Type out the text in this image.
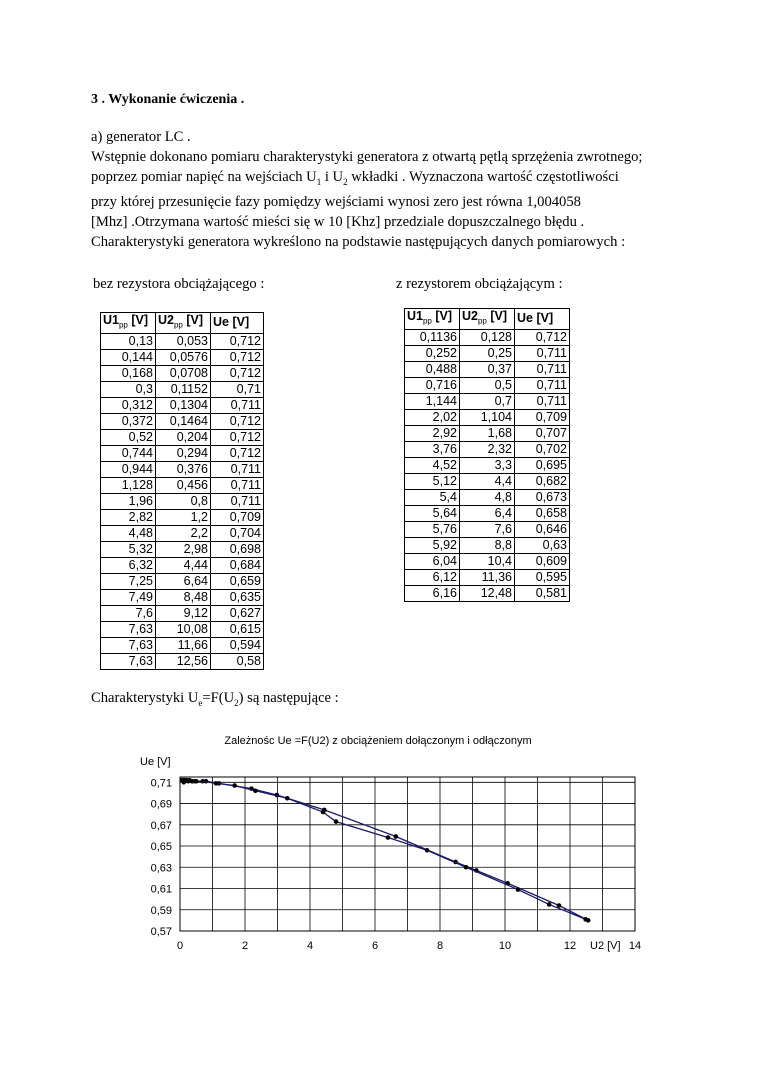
3 . Wykonanie ćwiczenia .
a) generator LC .
Wstępnie dokonano pomiaru charakterystyki generatora z otwartą pętlą sprzężenia zwrotnego;
poprzez pomiar napięć na wejściach $U_1$ i $U_2$ wkładki . Wyznaczona wartość częstotliwości
przy której przesunięcie fazy pomiędzy wejściami wynosi zero jest równa 1,004058
[Mhz] .Otrzymana wartość mieści się w 10 [Khz] przedziale dopuszczalnego błędu .
Charakterystyki generatora wykreślono na podstawie następujących danych pomiarowych :
bez rezystora obciążającego :	z rezystorem obciążającym :
$U1_{pp}$ [V]	$U2_{pp}$ [V]	Ue [V]
0,13	0,053	0,712
0,144	0,0576	0,712
0,168	0,0708	0,712
0,3	0,1152	0,71
0,312	0,1304	0,711
0,372	0,1464	0,712
0,52	0,204	0,712
0,744	0,294	0,712
0,944	0,376	0,711
1,128	0,456	0,711
1,96	0,8	0,711
2,82	1,2	0,709
4,48	2,2	0,704
5,32	2,98	0,698
6,32	4,44	0,684
7,25	6,64	0,659
7,49	8,48	0,635
7,6	9,12	0,627
7,63	10,08	0,615
7,63	11,66	0,594
7,63	12,56	0,58
$U1_{pp}$ [V]	$U2_{pp}$ [V]	Ue [V]
0,1136	0,128	0,712
0,252	0,25	0,711
0,488	0,37	0,711
0,716	0,5	0,711
1,144	0,7	0,711
2,02	1,104	0,709
2,92	1,68	0,707
3,76	2,32	0,702
4,52	3,3	0,695
5,12	4,4	0,682
5,4	4,8	0,673
5,64	6,4	0,658
5,76	7,6	0,646
5,92	8,8	0,63
6,04	10,4	0,609
6,12	11,36	0,595
6,16	12,48	0,581
Charakterystyki $U_e=F(U_2)$ są następujące :
Zależnośc Ue =F(U2) z obciążeniem dołączonym i odłączonym
Ue [V]
0,57
0,59
0,61
0,63
0,65
0,67
0,69
0,71
0	2	4	6	8	10	12	14
U2 [V]
